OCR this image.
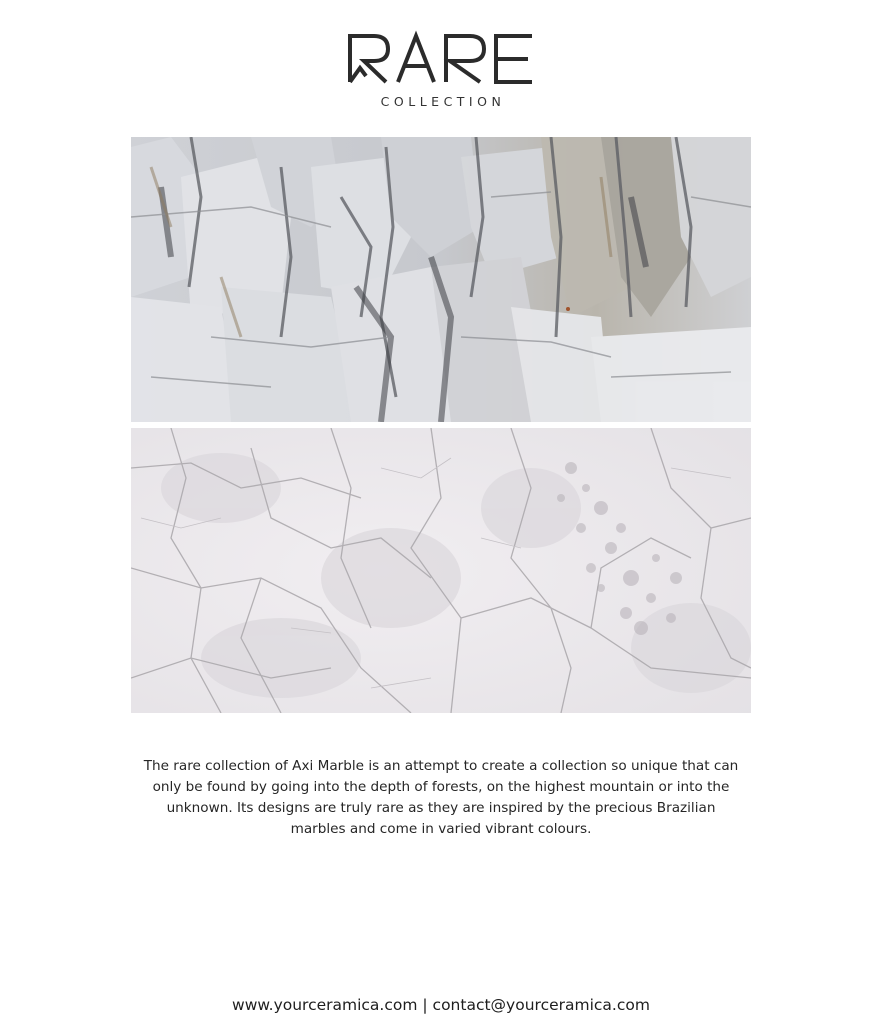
COLLECTION

The rare collection of Axi Marble is an attempt to create a collection so unique that can only be found by going into the depth of forests, on the highest mountain or into the unknown. Its designs are truly rare as they are inspired by the precious Brazilian marbles and come in varied vibrant colours.

www.yourceramica.com | contact@yourceramica.com
